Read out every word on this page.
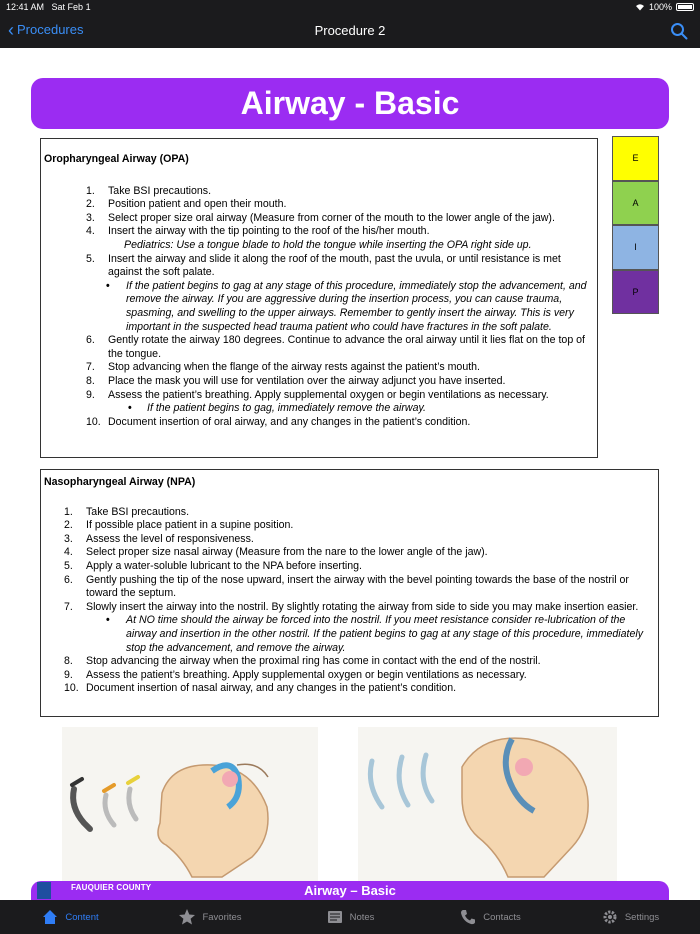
12:41 AM Sat Feb 1	100%
‹ Procedures	Procedure 2
Airway - Basic
Oropharyngeal Airway (OPA)
1. Take BSI precautions.
2. Position patient and open their mouth.
3. Select proper size oral airway (Measure from corner of the mouth to the lower angle of the jaw).
4. Insert the airway with the tip pointing to the roof of the his/her mouth.
Pediatrics: Use a tongue blade to hold the tongue while inserting the OPA right side up.
5. Insert the airway and slide it along the roof of the mouth, past the uvula, or until resistance is met against the soft palate.
• If the patient begins to gag at any stage of this procedure, immediately stop the advancement, and remove the airway. If you are aggressive during the insertion process, you can cause trauma, spasming, and swelling to the upper airways. Remember to gently insert the airway. This is very important in the suspected head trauma patient who could have fractures in the soft palate.
6. Gently rotate the airway 180 degrees. Continue to advance the oral airway until it lies flat on the top of the tongue.
7. Stop advancing when the flange of the airway rests against the patient’s mouth.
8. Place the mask you will use for ventilation over the airway adjunct you have inserted.
9. Assess the patient’s breathing. Apply supplemental oxygen or begin ventilations as necessary.
• If the patient begins to gag, immediately remove the airway.
10. Document insertion of oral airway, and any changes in the patient’s condition.
E
A
I
P
Nasopharyngeal Airway (NPA)
1. Take BSI precautions.
2. If possible place patient in a supine position.
3. Assess the level of responsiveness.
4. Select proper size nasal airway (Measure from the nare to the lower angle of the jaw).
5. Apply a water-soluble lubricant to the NPA before inserting.
6. Gently pushing the tip of the nose upward, insert the airway with the bevel pointing towards the base of the nostril or toward the septum.
7. Slowly insert the airway into the nostril. By slightly rotating the airway from side to side you may make insertion easier.
• At NO time should the airway be forced into the nostril. If you meet resistance consider re-lubrication of the airway and insertion in the other nostril. If the patient begins to gag at any stage of this procedure, immediately stop the advancement, and remove the airway.
8. Stop advancing the airway when the proximal ring has come in contact with the end of the nostril.
9. Assess the patient’s breathing. Apply supplemental oxygen or begin ventilations as necessary.
10. Document insertion of nasal airway, and any changes in the patient’s condition.
FAUQUIER COUNTY	Airway – Basic
Content	Favorites	Notes	Contacts	Settings
